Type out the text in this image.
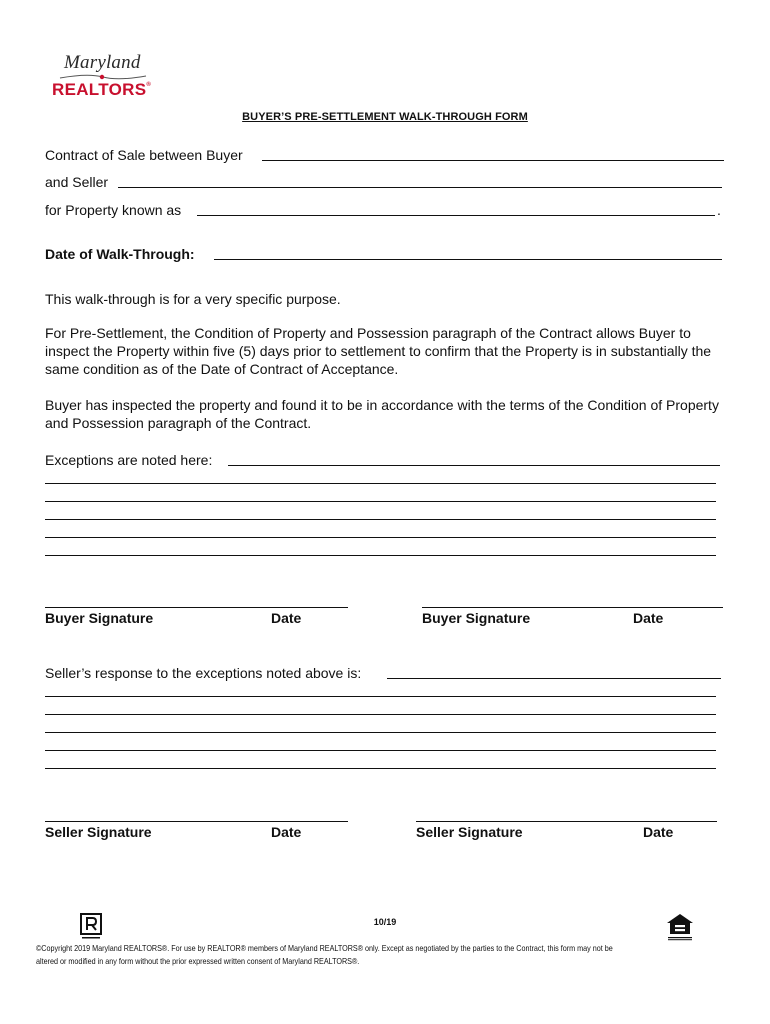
Maryland
REALTORS®
BUYER’S PRE-SETTLEMENT WALK-THROUGH FORM
Contract of Sale between Buyer
and Seller
for Property known as	.
Date of Walk-Through:
This walk-through is for a very specific purpose.
For Pre-Settlement, the Condition of Property and Possession paragraph of the Contract allows Buyer to inspect the Property within five (5) days prior to settlement to confirm that the Property is in substantially the same condition as of the Date of Contract of Acceptance.
Buyer has inspected the property and found it to be in accordance with the terms of the Condition of Property and Possession paragraph of the Contract.
Exceptions are noted here:
Buyer Signature	Date	Buyer Signature	Date
Seller’s response to the exceptions noted above is:
Seller Signature	Date	Seller Signature	Date
10/19
©Copyright 2019 Maryland REALTORS®. For use by REALTOR® members of Maryland REALTORS® only. Except as negotiated by the parties to the Contract, this form may not be
altered or modified in any form without the prior expressed written consent of Maryland REALTORS®.
